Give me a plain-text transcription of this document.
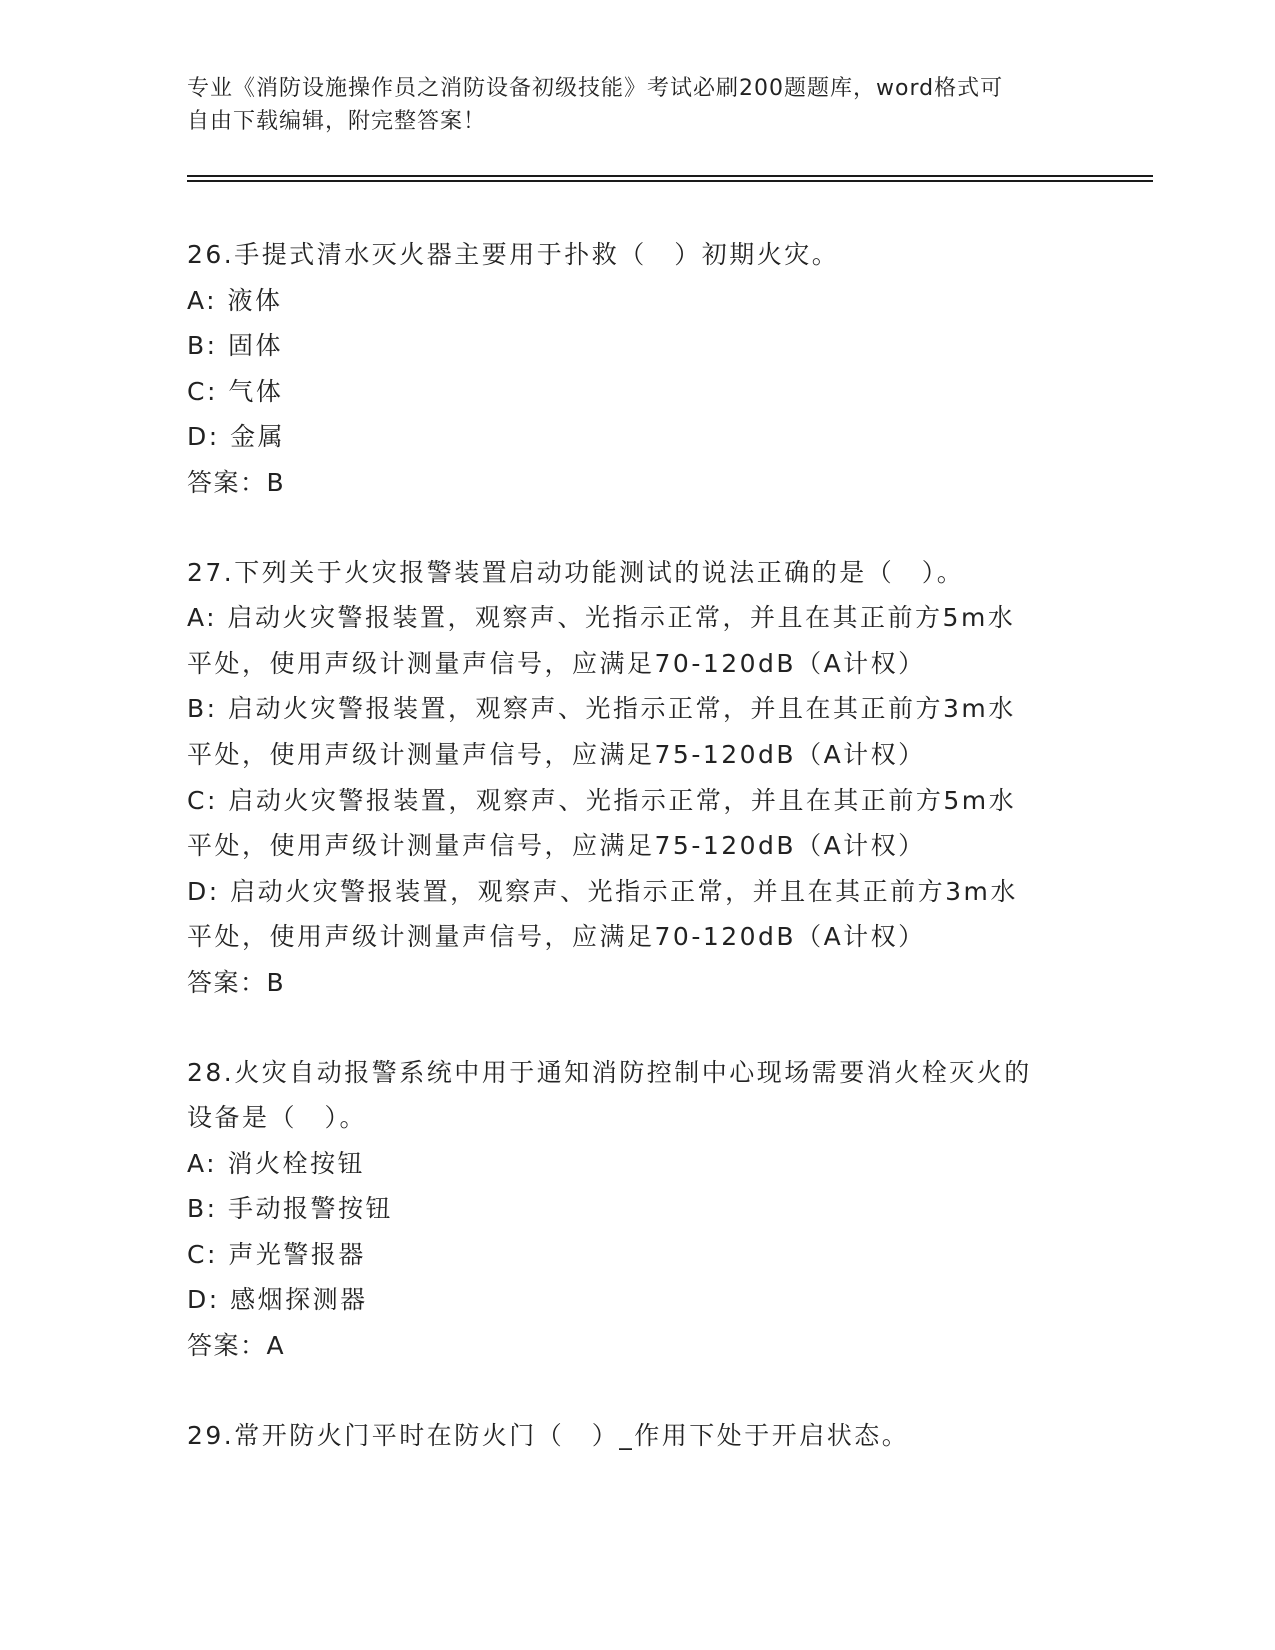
专业《消防设施操作员之消防设备初级技能》考试必刷200题题库，word格式可
自由下载编辑，附完整答案！
26.手提式清水灭火器主要用于扑救（　）初期火灾。
A: 液体
B: 固体
C: 气体
D: 金属
答案：B
27.下列关于火灾报警装置启动功能测试的说法正确的是（　）。
A: 启动火灾警报装置，观察声、光指示正常，并且在其正前方5m水
平处，使用声级计测量声信号，应满足70-120dB（A计权）
B: 启动火灾警报装置，观察声、光指示正常，并且在其正前方3m水
平处，使用声级计测量声信号，应满足75-120dB（A计权）
C: 启动火灾警报装置，观察声、光指示正常，并且在其正前方5m水
平处，使用声级计测量声信号，应满足75-120dB（A计权）
D: 启动火灾警报装置，观察声、光指示正常，并且在其正前方3m水
平处，使用声级计测量声信号，应满足70-120dB（A计权）
答案：B
28.火灾自动报警系统中用于通知消防控制中心现场需要消火栓灭火的
设备是（　）。
A: 消火栓按钮
B: 手动报警按钮
C: 声光警报器
D: 感烟探测器
答案：A
29.常开防火门平时在防火门（　）_作用下处于开启状态。
